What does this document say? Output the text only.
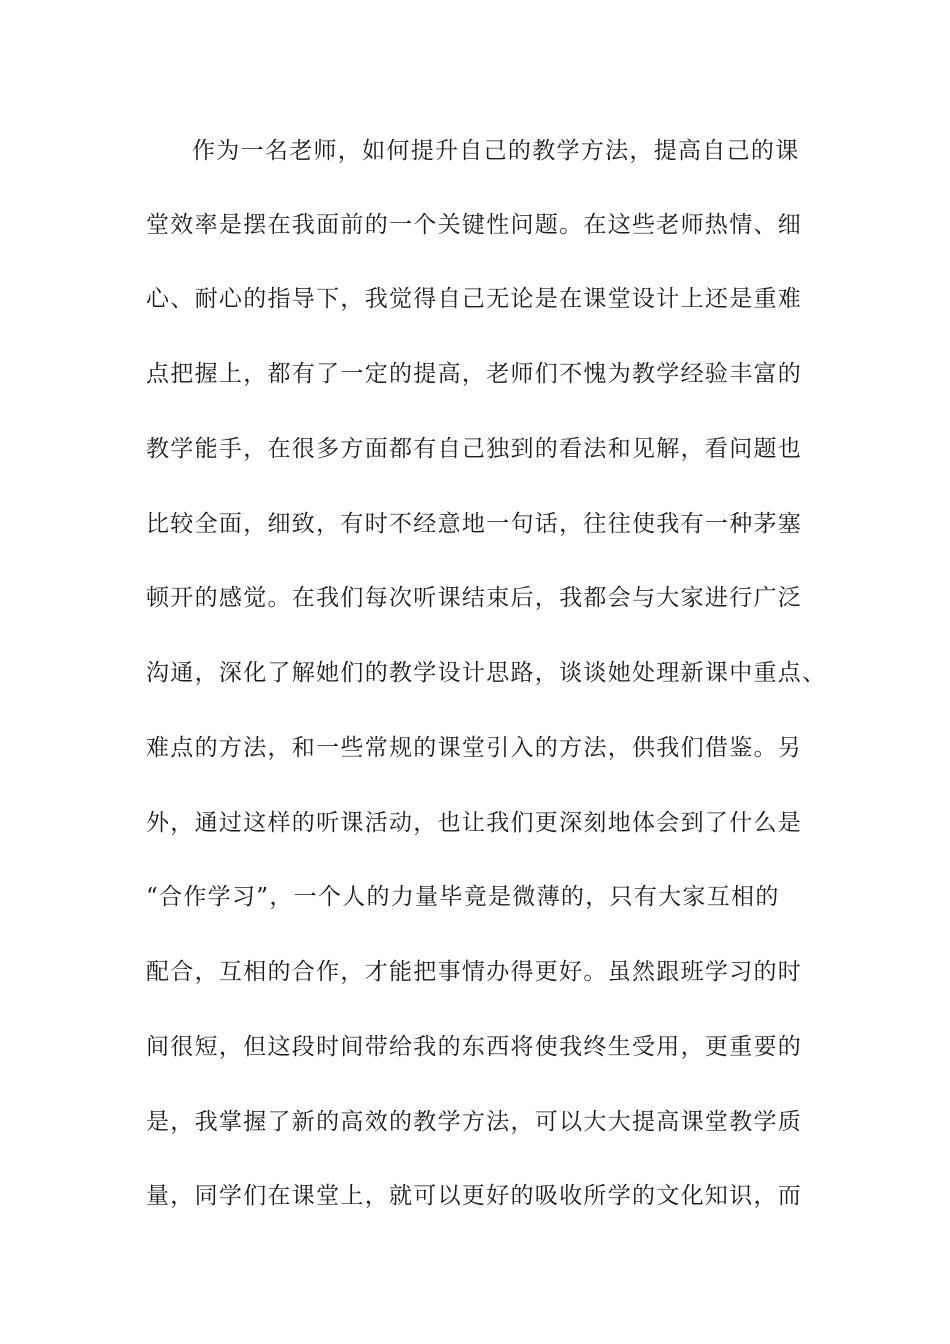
作为一名老师，如何提升自己的教学方法，提高自己的课
堂效率是摆在我面前的一个关键性问题。在这些老师热情、细
心、耐心的指导下，我觉得自己无论是在课堂设计上还是重难
点把握上，都有了一定的提高，老师们不愧为教学经验丰富的
教学能手，在很多方面都有自己独到的看法和见解，看问题也
比较全面，细致，有时不经意地一句话，往往使我有一种茅塞
顿开的感觉。在我们每次听课结束后，我都会与大家进行广泛
沟通，深化了解她们的教学设计思路，谈谈她处理新课中重点、
难点的方法，和一些常规的课堂引入的方法，供我们借鉴。另
外，通过这样的听课活动，也让我们更深刻地体会到了什么是
“合作学习”，一个人的力量毕竟是微薄的，只有大家互相的
配合，互相的合作，才能把事情办得更好。虽然跟班学习的时
间很短，但这段时间带给我的东西将使我终生受用，更重要的
是，我掌握了新的高效的教学方法，可以大大提高课堂教学质
量，同学们在课堂上，就可以更好的吸收所学的文化知识，而
